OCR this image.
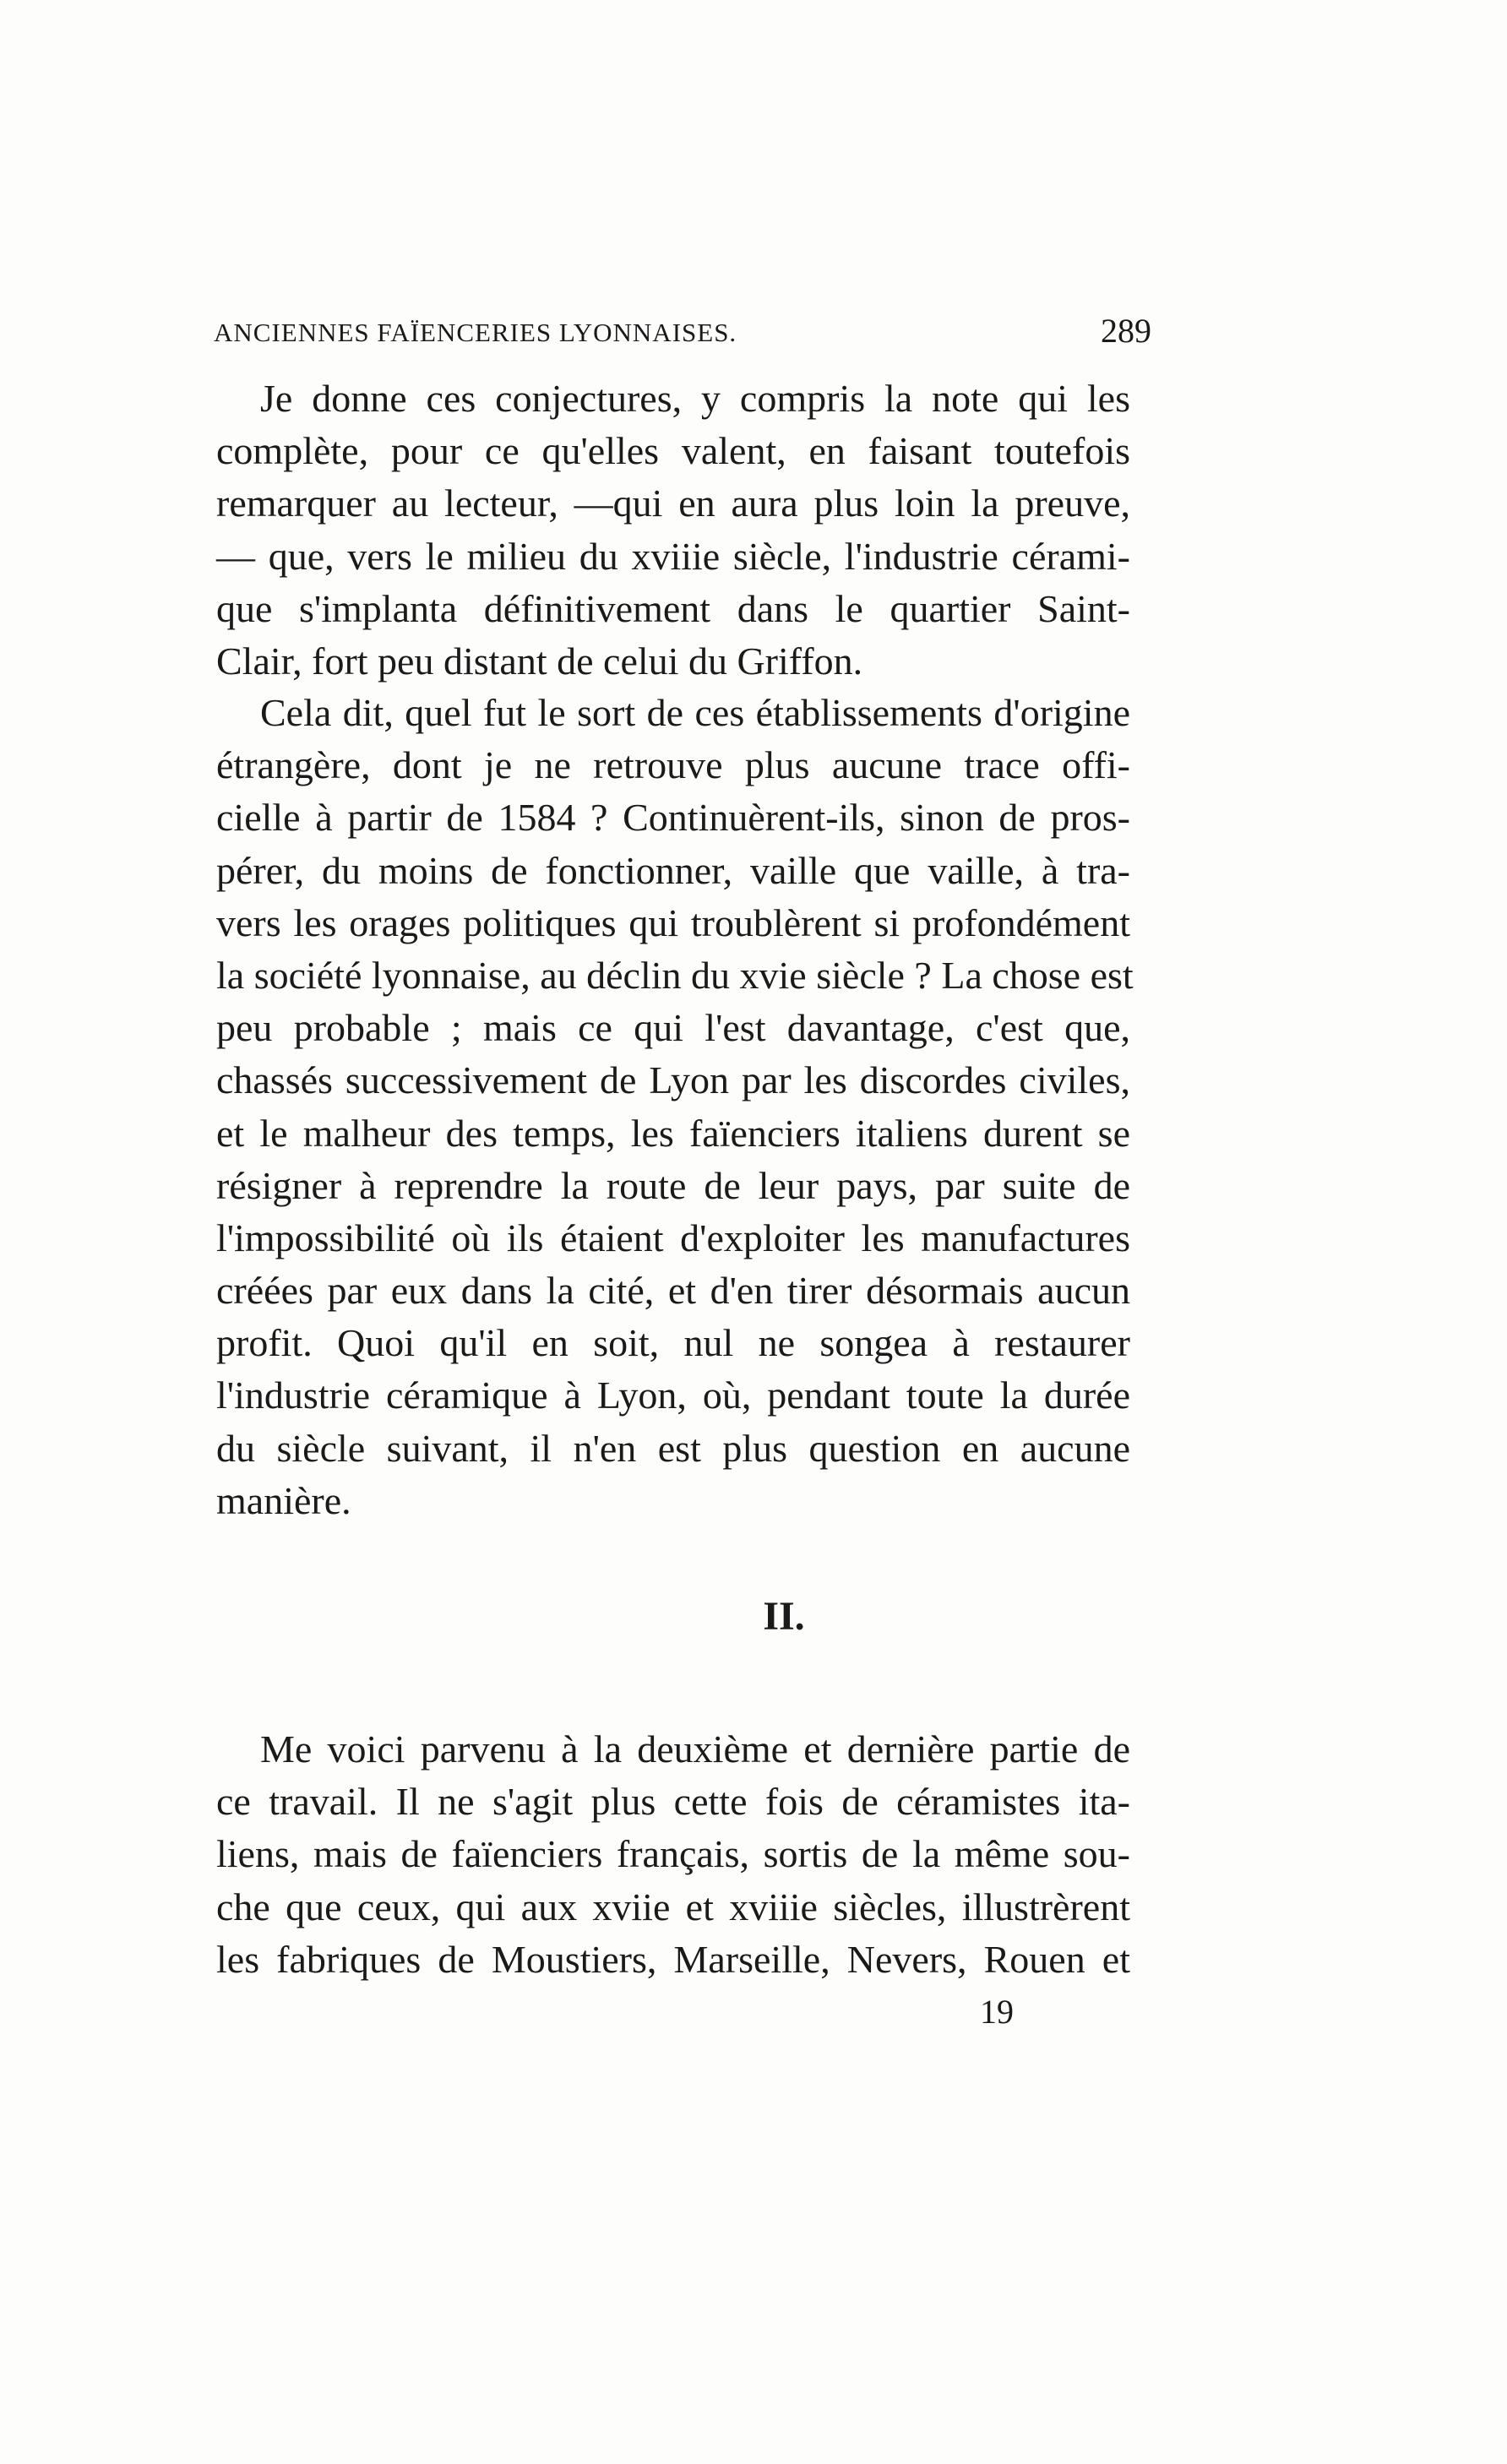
ANCIENNES FAÏENCERIES LYONNAISES.	289
Je donne ces conjectures, y compris la note qui les
complète, pour ce qu'elles valent, en faisant toutefois
remarquer au lecteur, —qui en aura plus loin la preuve,
— que, vers le milieu du xviiie siècle, l'industrie cérami-
que s'implanta définitivement dans le quartier Saint-
Clair, fort peu distant de celui du Griffon.
Cela dit, quel fut le sort de ces établissements d'origine
étrangère, dont je ne retrouve plus aucune trace offi-
cielle à partir de 1584 ? Continuèrent-ils, sinon de pros-
pérer, du moins de fonctionner, vaille que vaille, à tra-
vers les orages politiques qui troublèrent si profondément
la société lyonnaise, au déclin du xvie siècle ? La chose est
peu probable ; mais ce qui l'est davantage, c'est que,
chassés successivement de Lyon par les discordes civiles,
et le malheur des temps, les faïenciers italiens durent se
résigner à reprendre la route de leur pays, par suite de
l'impossibilité où ils étaient d'exploiter les manufactures
créées par eux dans la cité, et d'en tirer désormais aucun
profit. Quoi qu'il en soit, nul ne songea à restaurer
l'industrie céramique à Lyon, où, pendant toute la durée
du siècle suivant, il n'en est plus question en aucune
manière.
II.
Me voici parvenu à la deuxième et dernière partie de
ce travail. Il ne s'agit plus cette fois de céramistes ita-
liens, mais de faïenciers français, sortis de la même sou-
che que ceux, qui aux xviie et xviiie siècles, illustrèrent
les fabriques de Moustiers, Marseille, Nevers, Rouen et
19
